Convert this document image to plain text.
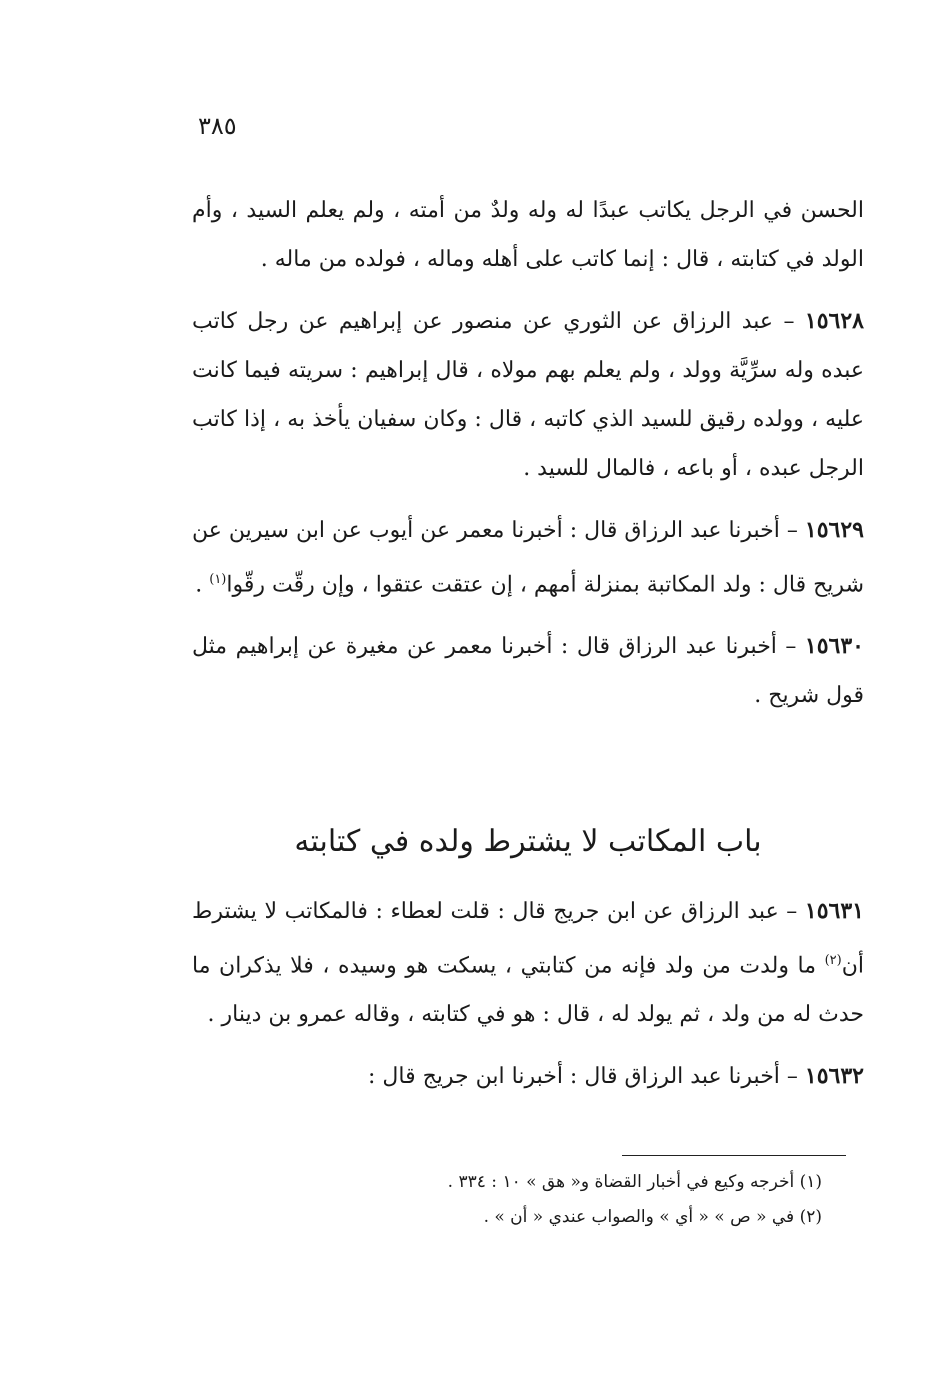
٣٨٥

الحسن في الرجل يكاتب عبدًا له وله ولدٌ من أمته ، ولم يعلم السيد ، وأم الولد في كتابته ، قال : إنما كاتب على أهله وماله ، فولده من ماله .

١٥٦٢٨ – عبد الرزاق عن الثوري عن منصور عن إبراهيم عن رجل كاتب عبده وله سرِّيَّة وولد ، ولم يعلم بهم مولاه ، قال إبراهيم : سريته فيما كانت عليه ، وولده رقيق للسيد الذي كاتبه ، قال : وكان سفيان يأخذ به ، إذا كاتب الرجل عبده ، أو باعه ، فالمال للسيد .

١٥٦٢٩ – أخبرنا عبد الرزاق قال : أخبرنا معمر عن أيوب عن ابن سيرين عن شريح قال : ولد المكاتبة بمنزلة أمهم ، إن عتقت عتقوا ، وإن رقّت رقّوا$^{(١)}$ .

١٥٦٣٠ – أخبرنا عبد الرزاق قال : أخبرنا معمر عن مغيرة عن إبراهيم مثل قول شريح .

باب المكاتب لا يشترط ولده في كتابته

١٥٦٣١ – عبد الرزاق عن ابن جريج قال : قلت لعطاء : فالمكاتب لا يشترط أن$^{(٢)}$ ما ولدت من ولد فإنه من كتابتي ، يسكت هو وسيده ، فلا يذكران ما حدث له من ولد ، ثم يولد له ، قال : هو في كتابته ، وقاله عمرو بن دينار .

١٥٦٣٢ – أخبرنا عبد الرزاق قال : أخبرنا ابن جريج قال :

(١) أخرجه وكيع في أخبار القضاة و« هق » ١٠ : ٣٣٤ .

(٢) في « ص » « أي » والصواب عندي « أن » .
